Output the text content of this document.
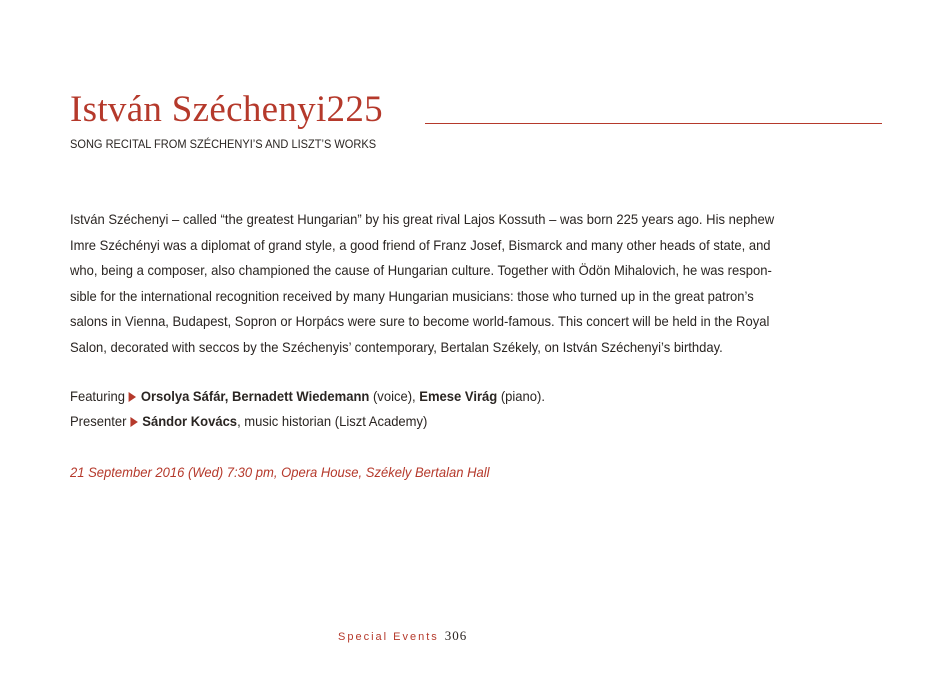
István Széchenyi225
SONG RECITAL FROM SZÉCHENYI’S AND LISZT’S WORKS
István Széchenyi – called “the greatest Hungarian” by his great rival Lajos Kossuth – was born 225 years ago. His nephew
Imre Széchényi was a diplomat of grand style, a good friend of Franz Josef, Bismarck and many other heads of state, and
who, being a composer, also championed the cause of Hungarian culture. Together with Ödön Mihalovich, he was respon-
sible for the international recognition received by many Hungarian musicians: those who turned up in the great patron’s
salons in Vienna, Budapest, Sopron or Horpács were sure to become world-famous. This concert will be held in the Royal
Salon, decorated with seccos by the Széchenyis’ contemporary, Bertalan Székely, on István Széchenyi’s birthday.
Featuring Orsolya Sáfár, Bernadett Wiedemann (voice), Emese Virág (piano).
Presenter Sándor Kovács, music historian (Liszt Academy)
21 September 2016 (Wed) 7:30 pm, Opera House, Székely Bertalan Hall
Special Events 306
